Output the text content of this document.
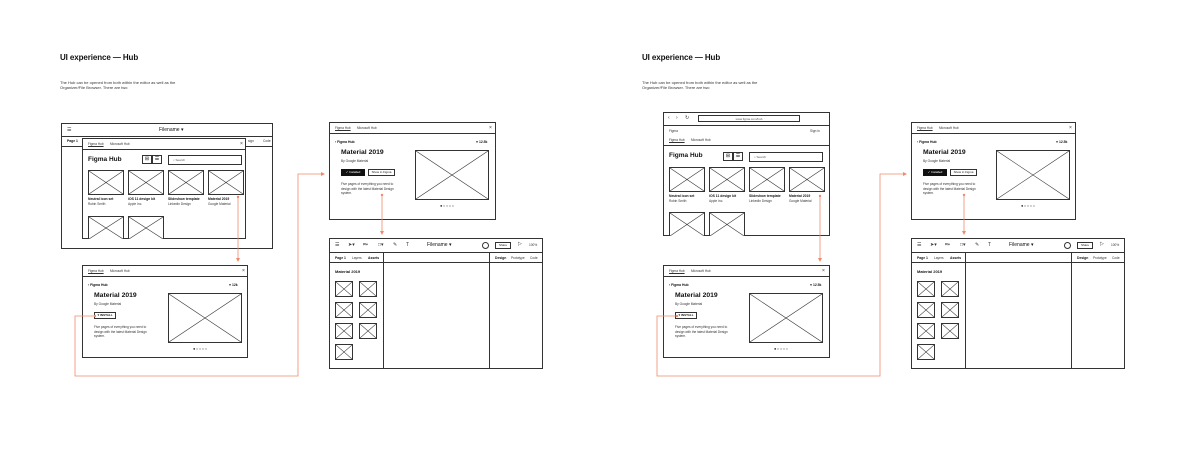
UI experience — Hub
The Hub can be opened from both within the editor as well as the Organizer/File Browser. There are two
☰	Filename ▾
Page 1	sign	Code
Figma Hub Microsoft Hub	×
Figma Hub	⊞	☰	⌕ Search
Neutral icon set
Robin Smith
iOS 11 design kit
Apple Inc.
Slideshow template
LinkedIn Design
Material 2019
Google Material
Figma Hub Microsoft Hub	×
‹ Figma Hub	♥ 12k
Material 2019
By Google Material
♥ INSTALL
Five pages of everything you need to design with the latest Material Design system.
●○○○○
Figma Hub Microsoft Hub	×
‹ Figma Hub	♥ 12.5k
Material 2019
By Google Material
✓ Installed	Show in Figma
Five pages of everything you need to design with the latest Material Design system.
●○○○○
☰ ➤▾ ⌗▾ □▾ ✎ T	Filename ▾	Share	▷ 100%
Page 1 Layers Assets	Design Prototype Code
Material 2019
UI experience — Hub
The Hub can be opened from both within the editor as well as the Organizer/File Browser. There are two
‹ › ↻	www.figma.com/hub
Figma	Sign in
Figma Hub Microsoft Hub
Figma Hub	⊞	☰	⌕ Search
Neutral icon set
Robin Smith
iOS 11 design kit
Apple Inc.
Slideshow template
LinkedIn Design
Material 2019
Google Material
Figma Hub Microsoft Hub	×
‹ Figma Hub	♥ 12.5k
Material 2019
By Google Material
♥ INSTALL
Five pages of everything you need to design with the latest Material Design system.
●○○○○
Figma Hub Microsoft Hub	×
‹ Figma Hub	♥ 12.5k
Material 2019
By Google Material
✓ Installed	Show in Figma
Five pages of everything you need to design with the latest Material Design system.
●○○○○
☰ ➤▾ ⌗▾ □▾ ✎ T	Filename ▾	Share	▷ 100%
Page 1 Layers Assets	Design Prototype Code
Material 2019
